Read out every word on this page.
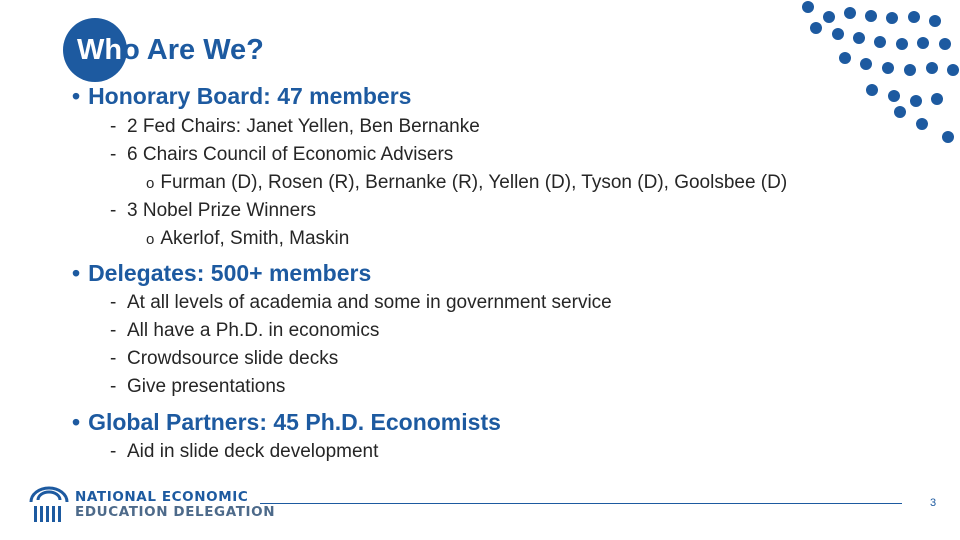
Who Are We?

• Honorary Board: 47 members

- 2 Fed Chairs: Janet Yellen, Ben Bernanke

- 6 Chairs Council of Economic Advisers

o Furman (D), Rosen (R), Bernanke (R), Yellen (D), Tyson (D), Goolsbee (D)

- 3 Nobel Prize Winners

o Akerlof, Smith, Maskin

• Delegates: 500+ members

- At all levels of academia and some in government service

- All have a Ph.D. in economics

- Crowdsource slide decks

- Give presentations

• Global Partners: 45 Ph.D. Economists

- Aid in slide deck development

NATIONAL ECONOMIC
EDUCATION DELEGATION

3
